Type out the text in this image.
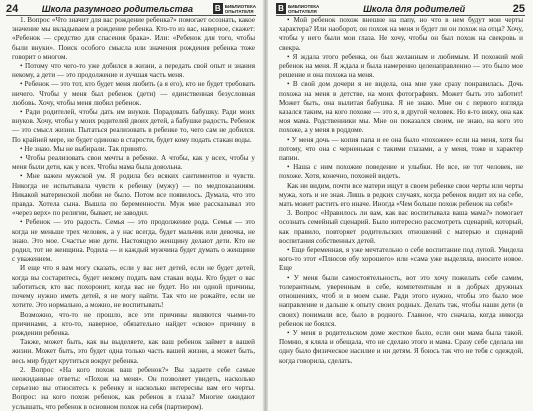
24	Школа разумного родительства	В БИБЛИОТЕКА
ОПЫТАТЕЛЯ

1. Вопрос «Что значит для вас рождение ребенка?» помогает осознать, какое значение мы вкладываем в рождение ребенка. Кто-то из вас, наверное, скажет: «Ребенок — средство для спасения брака». Или: «Ребенок для того, чтобы были внуки». Поиск особого смысла или значения рождения ребенка тоже говорит о многом.

• Потому что чего-то уже добился в жизни, а передать свой опыт и знания некому, а дети — это продолжение и лучшая часть меня.

• Ребенок — это тот, кто будет меня любить (а я его), кто не будет требовать ничего. Чтобы у меня был ребенок (дети) — единственная безусловная любовь. Хочу, чтобы меня любил ребенок.

• Ради родителей, чтобы дать им внуков. Порадовать бабушку. Ради моих внуков. Хочу, чтобы у моих родителей двоих детей, а бабушке радость. Ребенок — это смысл жизни. Пытаться реализовать в ребенке то, чего сам не добился. По крайней мере, не будет одиноко в старости, будет кому подать стакан воды.

• Не знаю. Мы не выбирали. Так принято.

• Чтобы реализовать свои мечты в ребенке. А чтобы, как у всех, чтобы у меня были дети, как у всех. Чтобы мама была довольна.

• Мне важен мужской ум. Я родила без всяких сантиментов и чувств. Никогда не испытывала чувств к ребенку (мужу) — по медпоказаниям. Никакой материнской любви не было. Потом все появилось. Думала, что это правда. Хотела сына. Вышла по беременности. Муж мне рассказывал это «через верх» по религии, бывает, не заводил.

• Ребенок — это радость. Семья — это продолжение рода. Семья — это когда не меньше трех человек, а у нас всегда, будет мальчик или девочка, не знаю. Это мое. Счастье мне дети. Настоящую женщину делают дети. Кто не родил, тот не женщина. Родила — и каждый мужчина будет думать о женщине с уважением.

И еще что я вам могу сказать, если у вас нет детей, если не будет детей, когда вы состаритесь, будет некому подать вам стакан воды. Кто будет о вас заботиться, кто вас похоронит, когда вас не будет. Но ни одной причины, почему нужно иметь детей, я не могу найти. Так что не рожайте, если не хотите. Это нормально, а можно, не воспитывать!

Возможно, что-то не прошло, все эти причины являются чьими-то причинами, а кто-то, наверное, обязательно найдет «свою» причину в рождении ребенка.

Также, может быть, как вы выделяете, как ваш ребенок займет в вашей жизни. Может быть, это будет одна только часть вашей жизни, а может быть, весь мир будет крутиться вокруг ребенка.

2. Вопрос «На кого похож ваш ребенок?» Вы задаете себе самые неожиданные ответы: «Похож на меня». Он позволяет увидеть, насколько серьезно вы относитесь к ребенку и насколько интересны вам его черты. Вопрос: на кого похож ребенок, как ребенок в глаза? Многие ожидают услышать, что ребенок в основном похож на себя (партнером).

В БИБЛИОТЕКА
ОПЫТАТЕЛЯ	Школа для родителей	25

• Мой ребенок похож внешне на папу, но что в нем будут мои черты характера? Или наоборот, он похож на меня и будет ли он похож на отца? Хочу, чтобы у него были мои глаза. Не хочу, чтобы он был похож на свекровь и свекра.

• Я ждала этого ребенка, он был желанным и любимым. И похожий мой ребенок на меня. Я ждала и была намеренно целенаправленно — это было мое решение и она похожа на меня.

• В свой дом дочери я не видела, она мне уже сразу понравилась. Дочь похожа на меня в детстве, на моих фотографиях. Может быть это заботит! Может быть, она вылитая бабушка. Я не знаю. Мне он с первого взгляда казался таким, на кого похоже — это я, в другой человек. Но я-то вижу, она как моя мама. Родственники мы. Мне он показался своим, не знаю, на кого это похоже, а у меня в роддоме.

• У меня дочь — копия папа и ее она было «похожее» если на меня, хотя бы потому, что она с черненькая с такими глазами, а у меня, тоже и характер папин.

• Наша с ним похожие поведение и улыбки. Не все, не тот человек, не похоже. Хотя, конечно, похожей видеть.

Как ни видим, почти все матери ищут в своем ребенке свои черты или черты мужа, хоть и не зная. Лишь в редких случаях, когда ребенок видит их на себе, мать может растить его иначе. Иногда «Чем больше похож ребенок на себя!»

3. Вопрос «Нравилось ли вам, как вас воспитывала ваша мама?» помогает осознать семейный сценарий. Было интересно рассмотреть сценарий, который, как правило, повторяет родительских отношений с матерью и сценарий воспитания собственных детей.

• Еще беременная, я уже мечтательно о себе воспитание под лупой. Увидела кого-то этот «Плюсов обу хорошего» или «сама уже выделяла, вносите новое. Еще

• У меня были самостоятельность, вот это хочу пожелать себе самим, толерантным, уверенным в себе, компетентным и в добрых дружных отношениях, чтоб и в моем сыне. Ради этого нужно, чтобы это было мое направление и дальше к опыту своих родных. Делать так, чтобы наши дети (в своих) понимали все, было в родного. Главное, что сначала, когда никогда ребенок не боялся.

• У меня в родительском доме жесткое было, если они мама была такой. Помню, я кляла и обещала, что не сделаю этого и мама. Сразу себе сделала ни одну было физическое насилие и ни детям. Я боюсь так что не тебя с одеждой, когда говорила, сделать.
